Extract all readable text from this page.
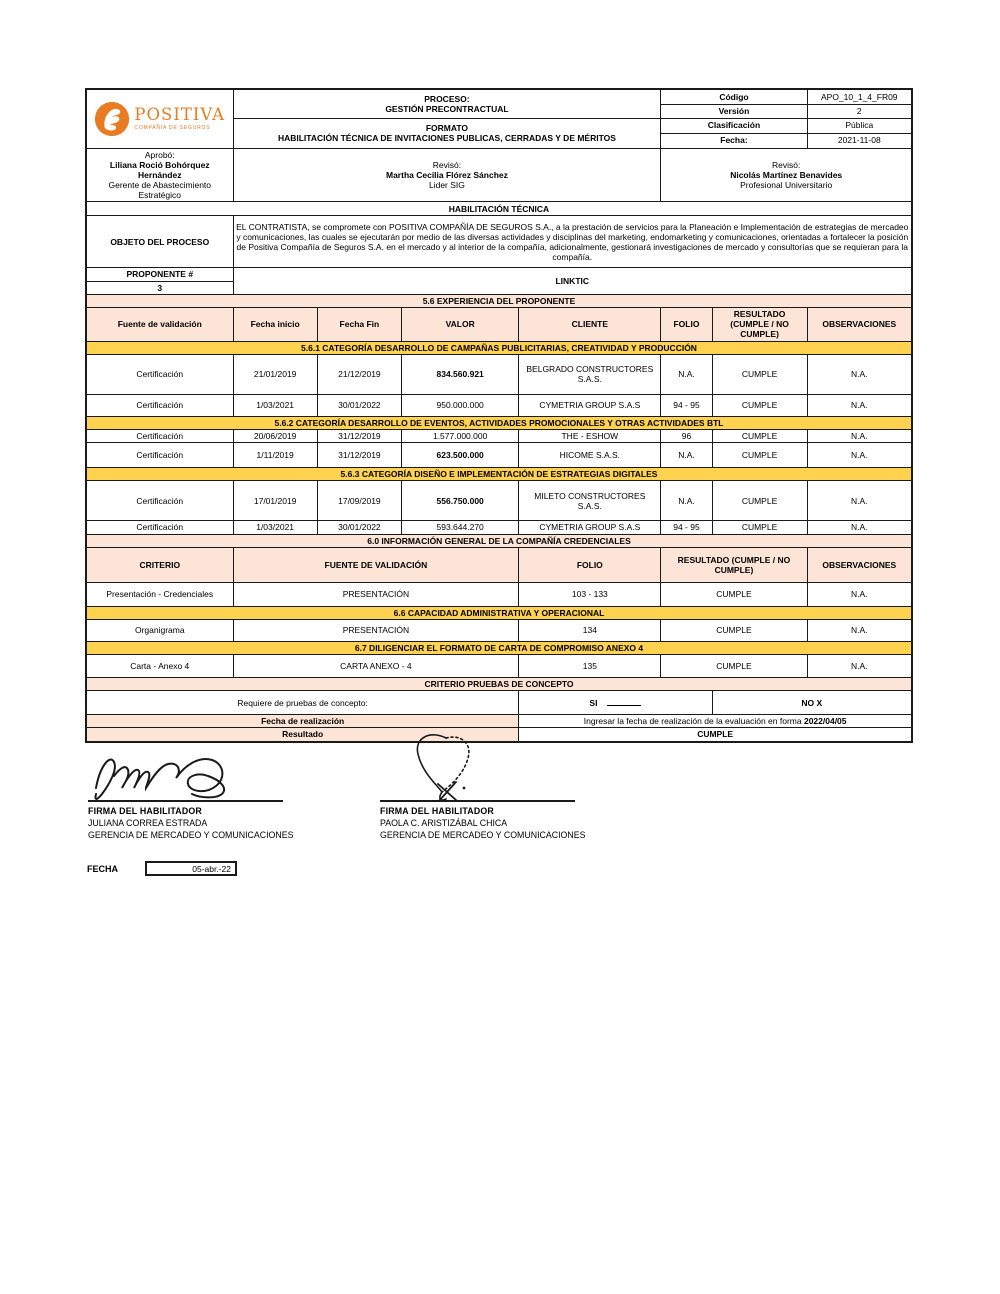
POSITIVA
COMPAÑÍA DE SEGUROS

PROCESO:
GESTIÓN PRECONTRACTUAL
	Código	APO_10_1_4_FR09
					Versión		2

	FORMATO
HABILITACIÓN TÉCNICA DE INVITACIONES PUBLICAS, CERRADAS Y DE MÉRITOS				Clasificación		Pública
					Fecha:		2021-11-08

Aprobó:
Liliana Roció Bohórquez Hernández
Gerente de Abastecimiento Estratégico

Revisó:
Martha Cecilia Flórez Sánchez
Lider SIG

Revisó:
Nicolás Martínez Benavides
Profesional Universitario

HABILITACIÓN TÉCNICA							
OBJETO DEL PROCESO	EL CONTRATISTA, se compromete con POSITIVA COMPAÑÍA DE SEGUROS S.A., a la prestación de servicios para la Planeación e Implementación de estrategias de mercadeo y comunicaciones, las cuales se ejecutarán por medio de las diversas actividades y disciplinas del marketing, endomarketing y comunicaciones, orientadas a fortalecer la posición de Positiva Compañía de Seguros S.A. en el mercado y al interior de la compañía, adicionalmente, gestionará investigaciones de mercado y consultorías que se requieran para la compañía.						
PROPONENTE #	LINKTIC						
3							
5.6 EXPERIENCIA DEL PROPONENTE							
Fuente de validación	Fecha inicio	Fecha Fin	VALOR	CLIENTE	FOLIO	RESULTADO (CUMPLE / NO CUMPLE)	OBSERVACIONES
5.6.1 CATEGORÍA DESARROLLO DE CAMPAÑAS PUBLICITARIAS, CREATIVIDAD Y PRODUCCIÓN							
Certificación	21/01/2019	21/12/2019	834.560.921	BELGRADO CONSTRUCTORES S.A.S.	N.A.	CUMPLE	N.A.
Certificación	1/03/2021	30/01/2022	950.000.000	CYMETRIA GROUP S.A.S	94 - 95	CUMPLE	N.A.
5.6.2 CATEGORÍA DESARROLLO DE EVENTOS, ACTIVIDADES PROMOCIONALES Y OTRAS ACTIVIDADES BTL							
Certificación	20/06/2019	31/12/2019	1.577.000.000	THE - ESHOW	96	CUMPLE	N.A.
Certificación	1/11/2019	31/12/2019	623.500.000	HICOME S.A.S.	N.A.	CUMPLE	N.A.
5.6.3 CATEGORÍA DISEÑO E IMPLEMENTACIÓN DE ESTRATEGIAS DIGITALES							
Certificación	17/01/2019	17/09/2019	556.750.000	MILETO CONSTRUCTORES S.A.S.	N.A.	CUMPLE	N.A.
Certificación	1/03/2021	30/01/2022	593.644.270	CYMETRIA GROUP S.A.S	94 - 95	CUMPLE	N.A.
6.0 INFORMACIÓN GENERAL DE LA COMPAÑÍA CREDENCIALES							
CRITERIO	FUENTE DE VALIDACIÓN			FOLIO	RESULTADO (CUMPLE / NO CUMPLE)		OBSERVACIONES
Presentación - Credenciales	PRESENTACIÓN			103 - 133	CUMPLE		N.A.
6.6 CAPACIDAD ADMINISTRATIVA Y OPERACIONAL							
Organigrama	PRESENTACIÓN			134	CUMPLE		N.A.
6.7 DILIGENCIAR EL FORMATO DE CARTA DE COMPROMISO ANEXO 4							
Carta - Anexo 4	CARTA ANEXO - 4			135	CUMPLE		N.A.
CRITERIO PRUEBAS DE CONCEPTO							
Requiere de pruebas de concepto:				SI		NO X	
Fecha de realización				Ingresar la fecha de realización de la evaluación en forma 2022/04/05			
Resultado				CUMPLE			
FIRMA DEL HABILITADOR
JULIANA CORREA ESTRADA
GERENCIA DE MERCADEO Y COMUNICACIONES
FIRMA DEL HABILITADOR
PAOLA C. ARISTIZÁBAL CHICA
GERENCIA DE MERCADEO Y COMUNICACIONES
FECHA	05-abr.-22
